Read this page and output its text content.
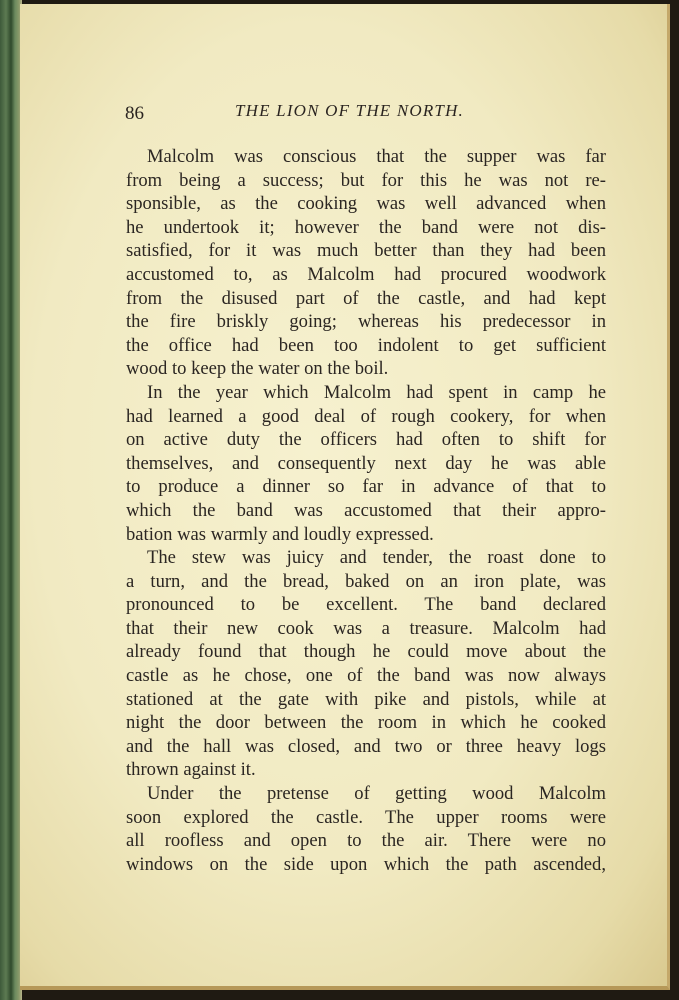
86	THE LION OF THE NORTH.
Malcolm was conscious that the supper was far
from being a success; but for this he was not re-
sponsible, as the cooking was well advanced when
he undertook it; however the band were not dis-
satisfied, for it was much better than they had been
accustomed to, as Malcolm had procured woodwork
from the disused part of the castle, and had kept
the fire briskly going; whereas his predecessor in
the office had been too indolent to get sufficient
wood to keep the water on the boil.
In the year which Malcolm had spent in camp he
had learned a good deal of rough cookery, for when
on active duty the officers had often to shift for
themselves, and consequently next day he was able
to produce a dinner so far in advance of that to
which the band was accustomed that their appro-
bation was warmly and loudly expressed.
The stew was juicy and tender, the roast done to
a turn, and the bread, baked on an iron plate, was
pronounced to be excellent. The band declared
that their new cook was a treasure. Malcolm had
already found that though he could move about the
castle as he chose, one of the band was now always
stationed at the gate with pike and pistols, while at
night the door between the room in which he cooked
and the hall was closed, and two or three heavy logs
thrown against it.
Under the pretense of getting wood Malcolm
soon explored the castle. The upper rooms were
all roofless and open to the air. There were no
windows on the side upon which the path ascended,
